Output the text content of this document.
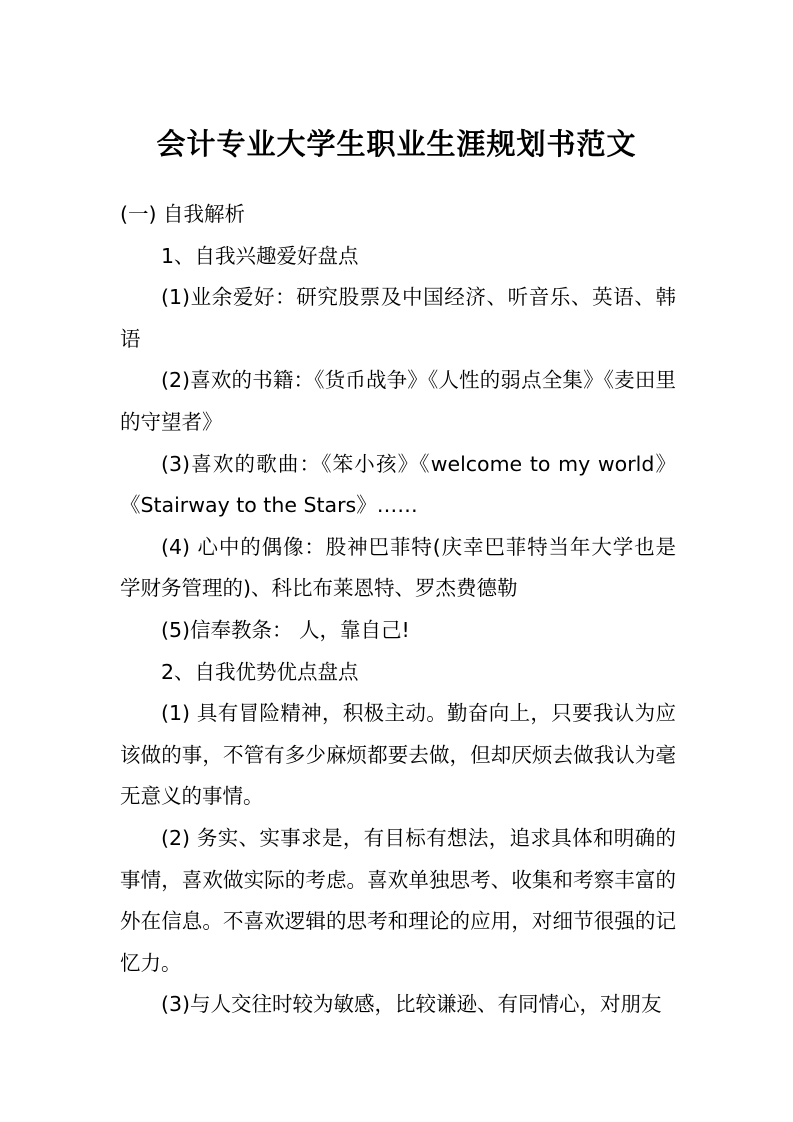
会计专业大学生职业生涯规划书范文

(一) 自我解析

1、自我兴趣爱好盘点

(1)业余爱好：研究股票及中国经济、听音乐、英语、韩语

(2)喜欢的书籍：《货币战争》《人性的弱点全集》《麦田里的守望者》

(3)喜欢的歌曲：《笨小孩》《welcome to my world》《Stairway to the Stars》……

(4) 心中的偶像：股神巴菲特(庆幸巴菲特当年大学也是学财务管理的)、科比布莱恩特、罗杰费德勒

(5)信奉教条： 人，靠自己!

2、自我优势优点盘点

(1) 具有冒险精神，积极主动。勤奋向上，只要我认为应该做的事，不管有多少麻烦都要去做，但却厌烦去做我认为毫无意义的事情。

(2) 务实、实事求是，有目标有想法，追求具体和明确的事情，喜欢做实际的考虑。喜欢单独思考、收集和考察丰富的外在信息。不喜欢逻辑的思考和理论的应用，对细节很强的记忆力。

(3)与人交往时较为敏感，比较谦逊、有同情心，对朋友
